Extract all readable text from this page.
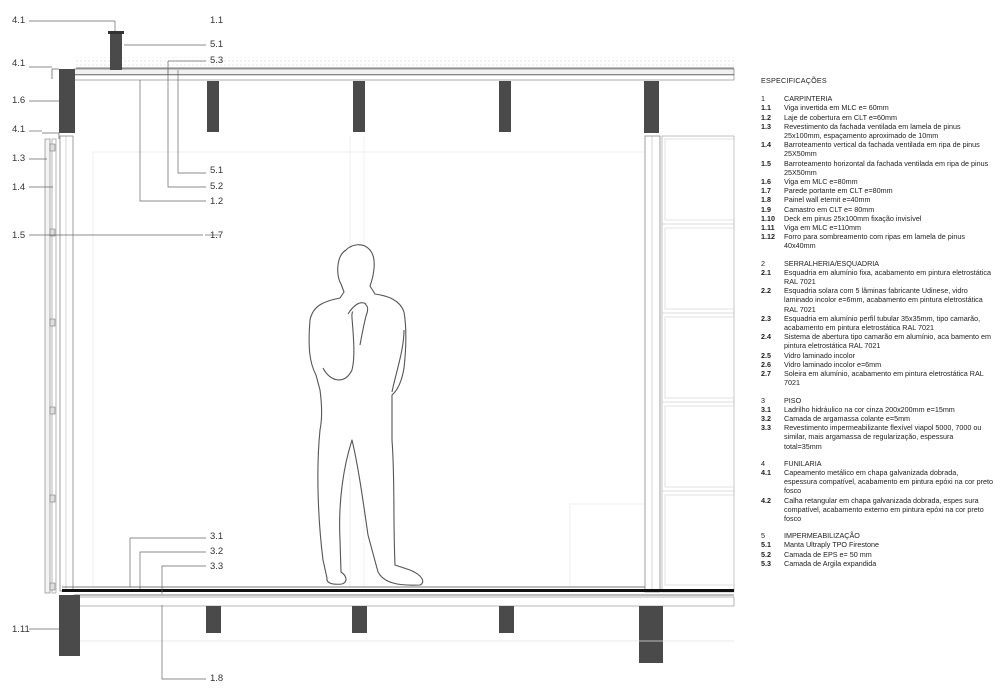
4.1
4.1
1.6
4.1
1.3
1.4
1.5
1.11
1.1
5.1
5.3
5.1
5.2
1.2
1.7
3.1
3.2
3.3
1.8
ESPECIFICAÇÕES
1	CARPINTERIA
1.1	Viga invertida em MLC e= 60mm
1.2	Laje de cobertura em CLT e=60mm
1.3	Revestimento da fachada ventilada em lamela de pinus 25x100mm, espaçamento aproximado de 10mm
1.4	Barroteamento vertical da fachada ventilada em ripa de pinus 25X50mm
1.5	Barroteamento horizontal da fachada ventilada em ripa de pinus 25X50mm
1.6	Viga em MLC e=80mm
1.7	Parede portante em CLT e=80mm
1.8	Painel wall eternit e=40mm
1.9	Camastro em CLT e= 80mm
1.10	Deck em pinus 25x100mm fixação invisível
1.11	Viga em MLC e=110mm
1.12	Forro para sombreamento com ripas em lamela de pinus 40x40mm
2	SERRALHERIA/ESQUADRIA
2.1	Esquadria em alumínio fixa, acabamento em pintura eletrostática RAL 7021
2.2	Esquadria solara com 5 lâminas fabricante Udinese, vidro laminado incolor e=6mm, acabamento em pintura eletrostática RAL 7021
2.3	Esquadria em alumínio perfil tubular 35x35mm, tipo camarão, acabamento em pintura eletrostática RAL 7021
2.4	Sistema de abertura tipo camarão em alumínio, aca bamento em pintura eletrostática RAL 7021
2.5	Vidro laminado incolor
2.6	Vidro laminado incolor e=6mm
2.7	Soleira em alumínio, acabamento em pintura eletrostática RAL 7021
3	PISO
3.1	Ladrilho hidráulico na cor cinza 200x200mm e=15mm
3.2	Camada de argamassa colante e=5mm
3.3	Revestimento impermeabilizante flexível viapol 5000, 7000 ou similar, mais argamassa de regularização, espessura total=35mm
4	FUNILARIA
4.1	Capeamento metálico em chapa galvanizada dobrada, espessura compatível, acabamento em pintura epóxi na cor preto fosco
4.2	Calha retangular em chapa galvanizada dobrada, espes sura compatível, acabamento externo em pintura epóxi na cor preto fosco
5	IMPERMEABILIZAÇÃO
5.1	Manta Ultraply TPO Firestone
5.2	Camada de EPS e= 50 mm
5.3	Camada de Argila expandida
